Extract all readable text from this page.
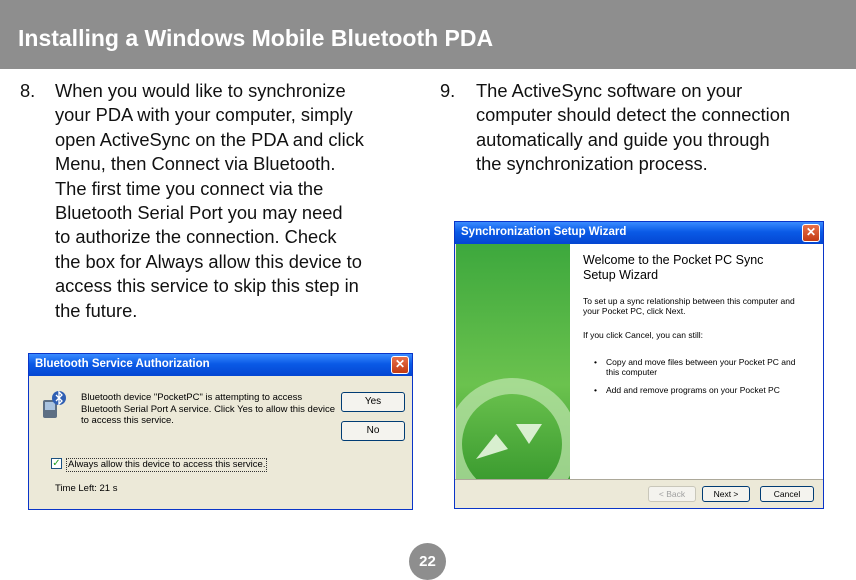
Installing a Windows Mobile Bluetooth PDA
8. When you would like to synchronize
your PDA with your computer, simply
open ActiveSync on the PDA and click
Menu, then Connect via Bluetooth.
The first time you connect via the
Bluetooth Serial Port you may need
to authorize the connection. Check
the box for Always allow this device to
access this service to skip this step in
the future.
9. The ActiveSync software on your
computer should detect the connection
automatically and guide you through
the synchronization process.
Bluetooth Service Authorization	✕
Bluetooth device "PocketPC" is attempting to access
Bluetooth Serial Port A service. Click Yes to allow this device
to access this service.
Yes
No
✓ Always allow this device to access this service.
Time Left: 21 s
Synchronization Setup Wizard	✕
Welcome to the Pocket PC Sync
Setup Wizard
To set up a sync relationship between this computer and
your Pocket PC, click Next.
If you click Cancel, you can still:
• Copy and move files between your Pocket PC and
this computer
• Add and remove programs on your Pocket PC
< Back	Next >	Cancel
22
